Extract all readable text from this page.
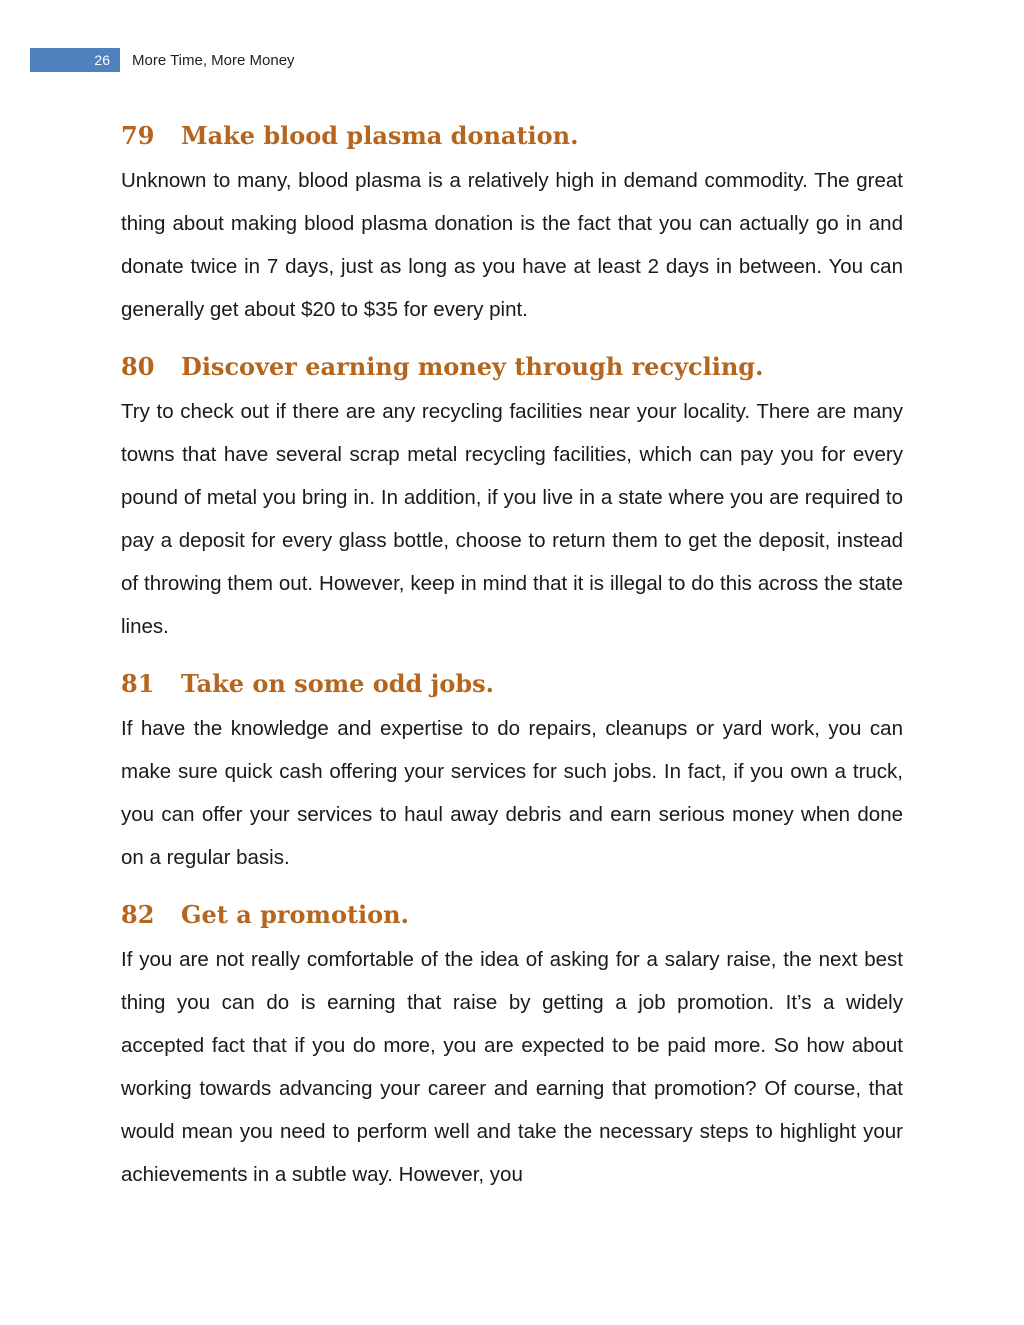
26	More Time, More Money
79	Make blood plasma donation.

Unknown to many, blood plasma is a relatively high in demand commodity. The great thing about making blood plasma donation is the fact that you can actually go in and donate twice in 7 days, just as long as you have at least 2 days in between. You can generally get about $20 to $35 for every pint.

80	Discover earning money through recycling.

Try to check out if there are any recycling facilities near your locality. There are many towns that have several scrap metal recycling facilities, which can pay you for every pound of metal you bring in. In addition, if you live in a state where you are required to pay a deposit for every glass bottle, choose to return them to get the deposit, instead of throwing them out. However, keep in mind that it is illegal to do this across the state lines.

81	Take on some odd jobs.

If have the knowledge and expertise to do repairs, cleanups or yard work, you can make sure quick cash offering your services for such jobs. In fact, if you own a truck, you can offer your services to haul away debris and earn serious money when done on a regular basis.

82	Get a promotion.

If you are not really comfortable of the idea of asking for a salary raise, the next best thing you can do is earning that raise by getting a job promotion. It’s a widely accepted fact that if you do more, you are expected to be paid more. So how about working towards advancing your career and earning that promotion? Of course, that would mean you need to perform well and take the necessary steps to highlight your achievements in a subtle way. However, you
